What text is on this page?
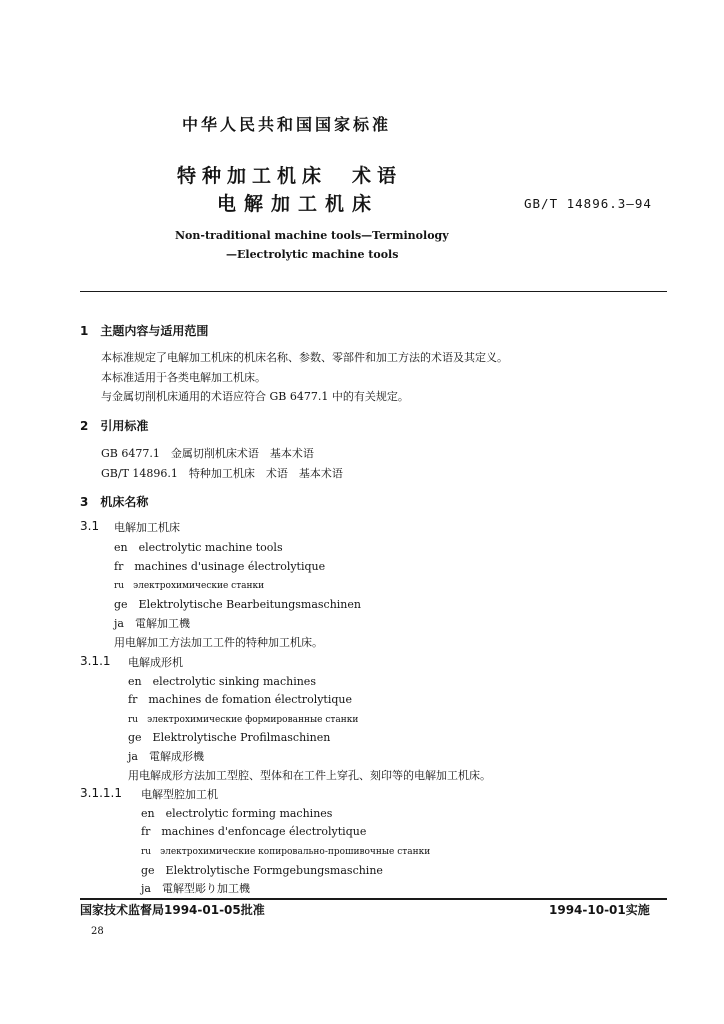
中华人民共和国国家标准
特种加工机床　术语
电解加工机床	GB/T 14896.3—94
Non-traditional machine tools—Terminology
—Electrolytic machine tools
1　主题内容与适用范围
本标准规定了电解加工机床的机床名称、参数、零部件和加工方法的术语及其定义。
本标准适用于各类电解加工机床。
与金属切削机床通用的术语应符合 GB 6477.1 中的有关规定。
2　引用标准
GB 6477.1　金属切削机床术语　基本术语
GB/T 14896.1　特种加工机床　术语　基本术语
3　机床名称
3.1 电解加工机床
en　electrolytic machine tools
fr　machines d'usinage électrolytique
ru　электрохимические станки
ge　Elektrolytische Bearbeitungsmaschinen
ja　電解加工機
用电解加工方法加工工件的特种加工机床。
3.1.1 电解成形机
en　electrolytic sinking machines
fr　machines de fomation électrolytique
ru　электрохимические формированные станки
ge　Elektrolytische Profilmaschinen
ja　電解成形機
用电解成形方法加工型腔、型体和在工件上穿孔、刻印等的电解加工机床。
3.1.1.1 电解型腔加工机
en　electrolytic forming machines
fr　machines d'enfoncage électrolytique
ru　электрохимические копировально-прошивочные станки
ge　Elektrolytische Formgebungsmaschine
ja　電解型彫り加工機
国家技术监督局1994-01-05批准	1994-10-01实施
28
